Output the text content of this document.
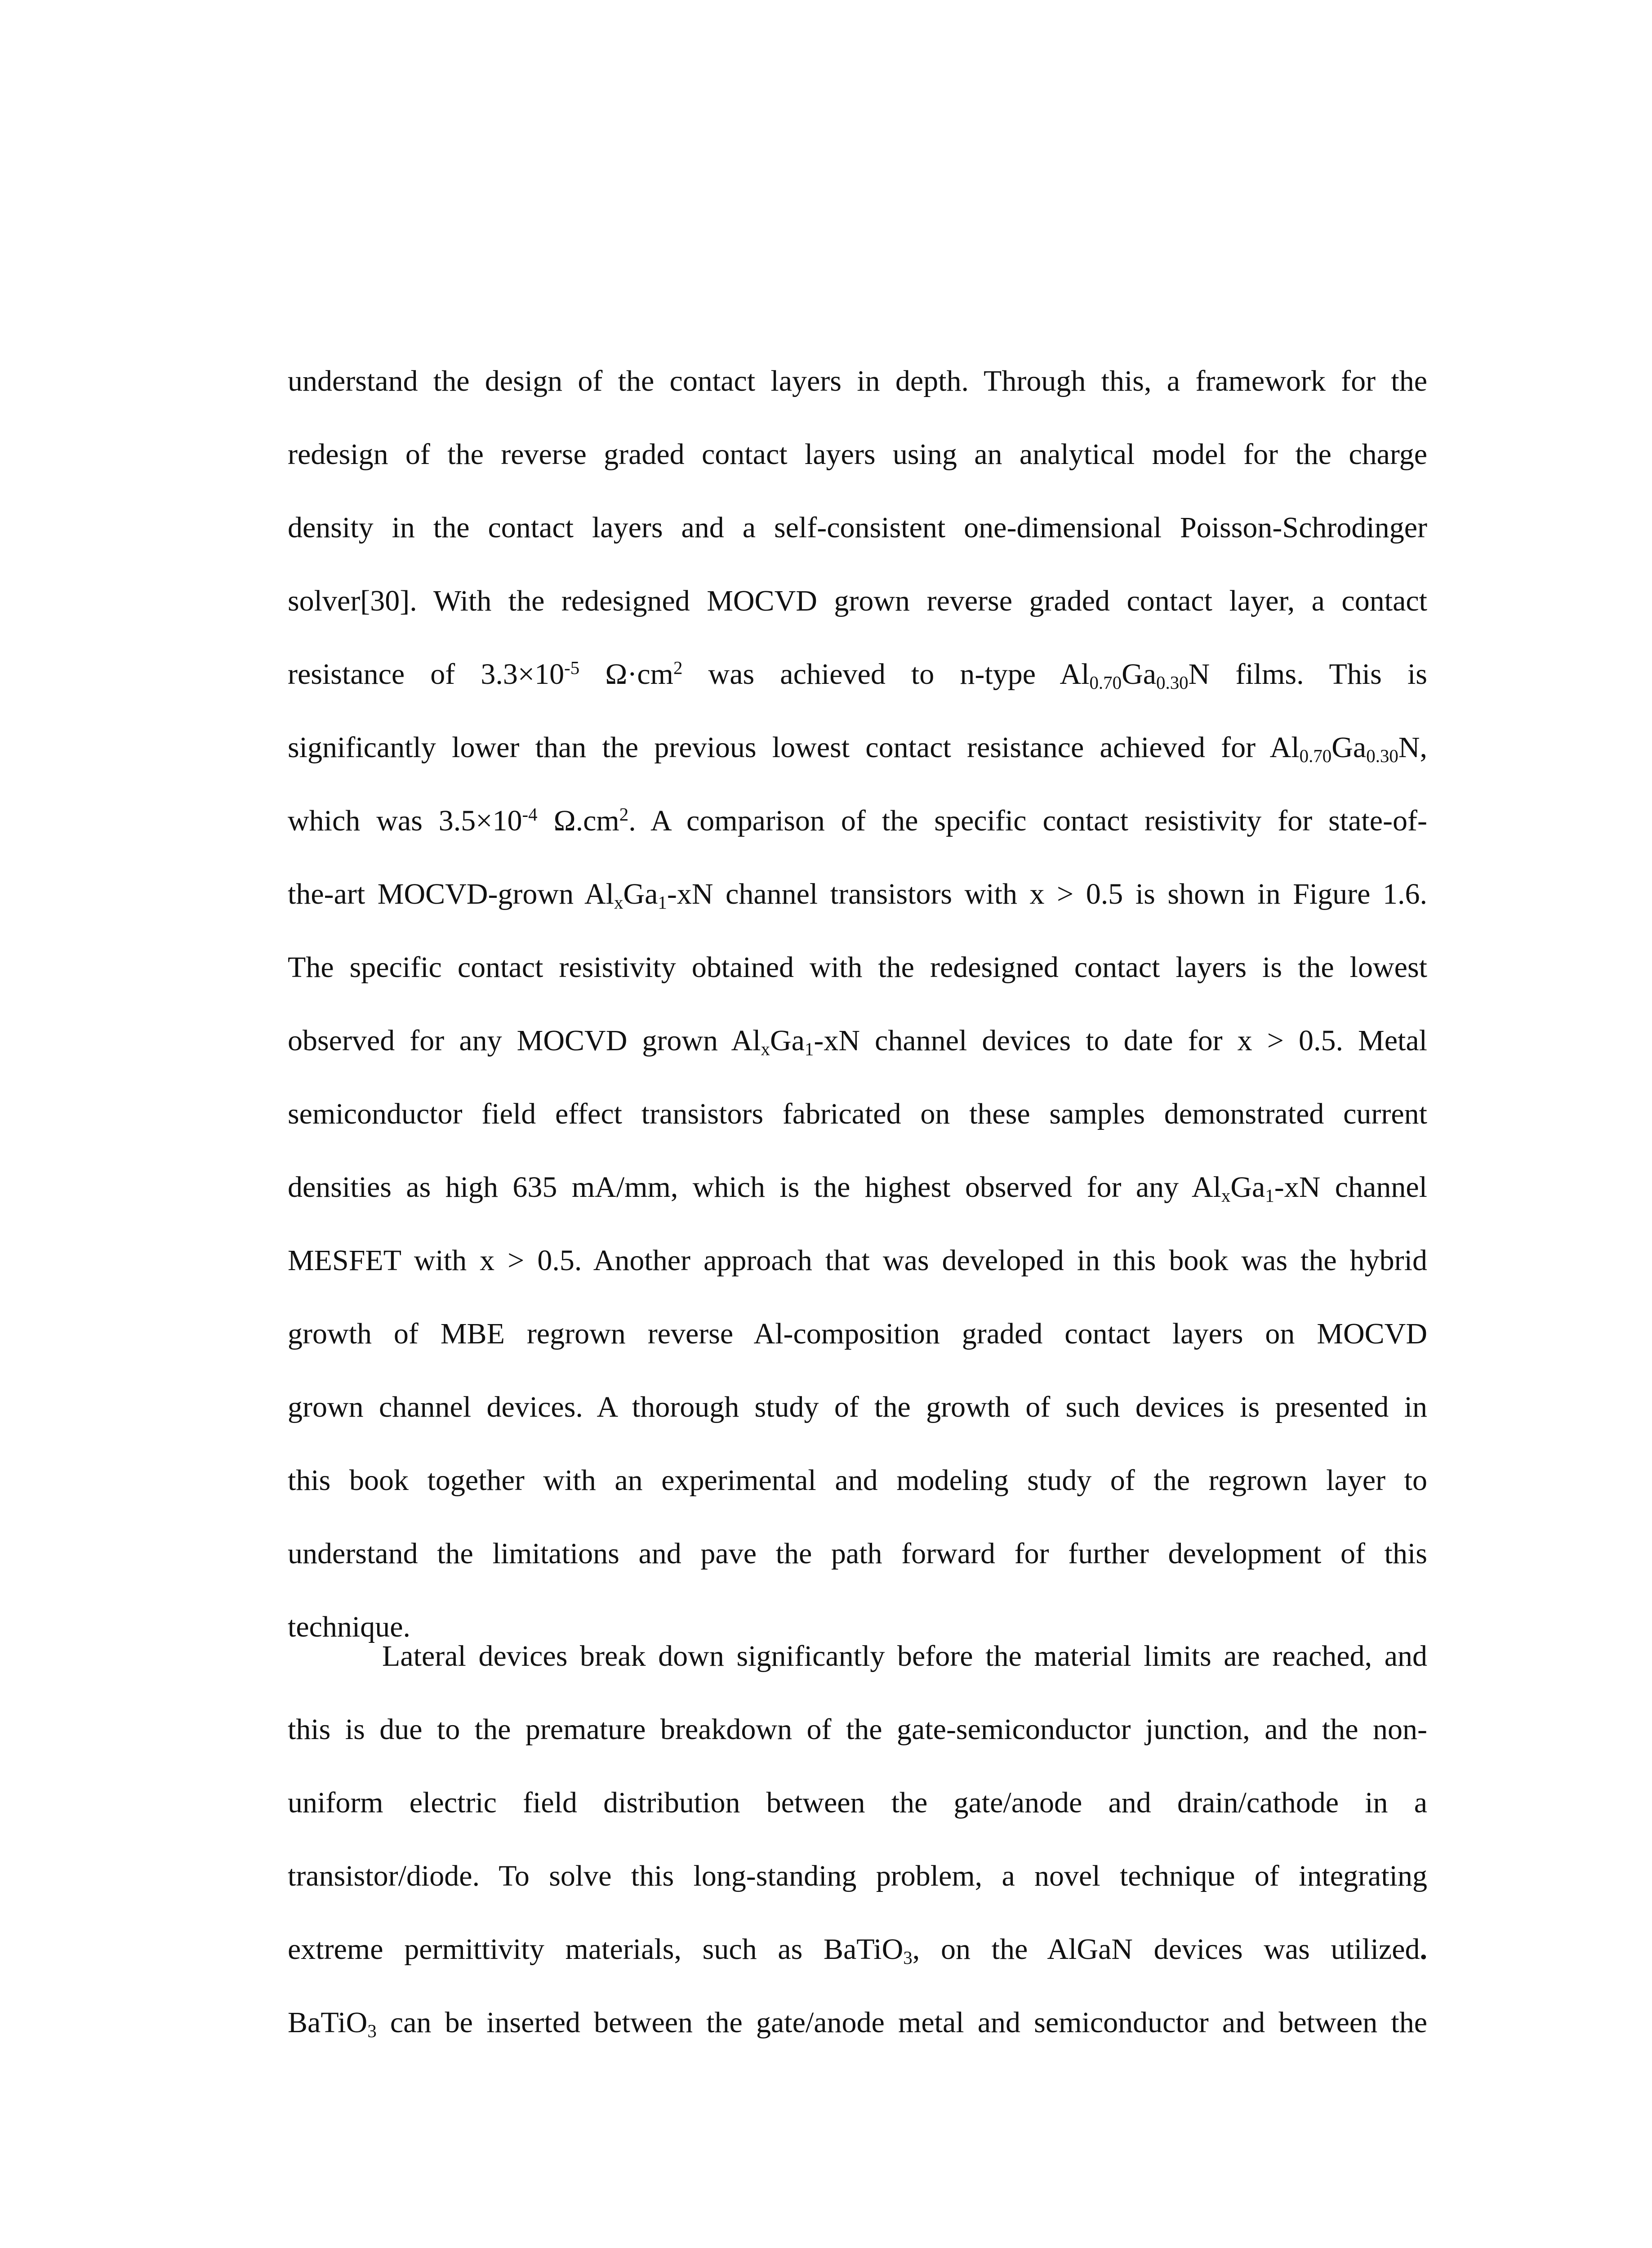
understand the design of the contact layers in depth. Through this, a framework for the
redesign of the reverse graded contact layers using an analytical model for the charge
density in the contact layers and a self-consistent one-dimensional Poisson-Schrodinger
solver[30]. With the redesigned MOCVD grown reverse graded contact layer, a contact
resistance of $3.3\times 10^{-5}$ $\Omega\cdot cm^2$ was achieved to n-type $Al_{0.70}Ga_{0.30}N$ films. This is
significantly lower than the previous lowest contact resistance achieved for $Al_{0.70}Ga_{0.30}N$,
which was $3.5\times 10^{-4}$ $\Omega.cm^2$. A comparison of the specific contact resistivity for state-of-
the-art MOCVD-grown $Al_xGa_1-xN$ channel transistors with x > 0.5 is shown in Figure 1.6.
The specific contact resistivity obtained with the redesigned contact layers is the lowest
observed for any MOCVD grown $Al_xGa_1-xN$ channel devices to date for x > 0.5. Metal
semiconductor field effect transistors fabricated on these samples demonstrated current
densities as high 635 mA/mm, which is the highest observed for any $Al_xGa_1-xN$ channel
MESFET with x > 0.5. Another approach that was developed in this book was the hybrid
growth of MBE regrown reverse Al-composition graded contact layers on MOCVD
grown channel devices. A thorough study of the growth of such devices is presented in
this book together with an experimental and modeling study of the regrown layer to
understand the limitations and pave the path forward for further development of this
technique.
Lateral devices break down significantly before the material limits are reached, and
this is due to the premature breakdown of the gate-semiconductor junction, and the non-
uniform electric field distribution between the gate/anode and drain/cathode in a
transistor/diode. To solve this long-standing problem, a novel technique of integrating
extreme permittivity materials, such as BaTiO$_3$, on the AlGaN devices was utilized.
BaTiO$_3$ can be inserted between the gate/anode metal and semiconductor and between the
